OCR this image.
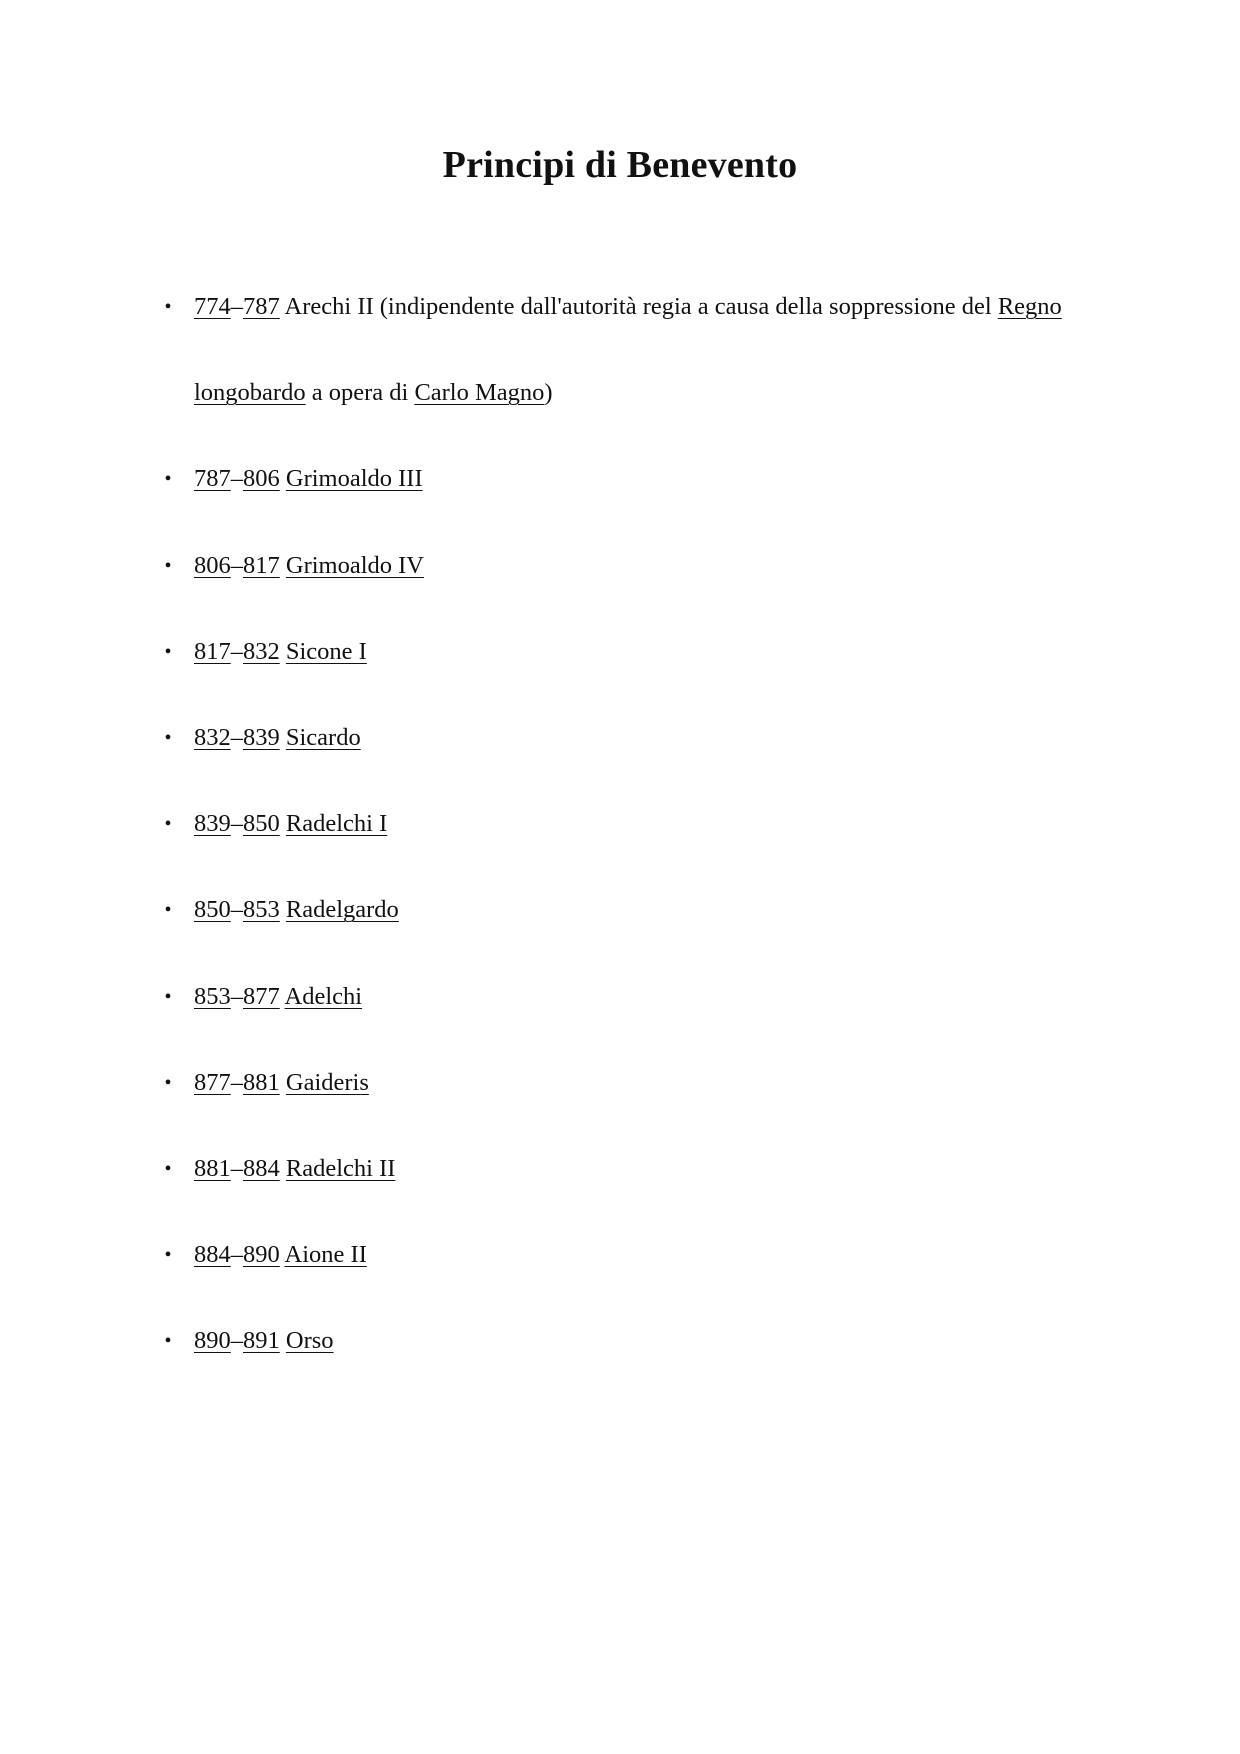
Principi di Benevento
• 774–787 Arechi II (indipendente dall'autorità regia a causa della soppressione del Regno longobardo a opera di Carlo Magno)
• 787–806 Grimoaldo III
• 806–817 Grimoaldo IV
• 817–832 Sicone I
• 832–839 Sicardo
• 839–850 Radelchi I
• 850–853 Radelgardo
• 853–877 Adelchi
• 877–881 Gaideris
• 881–884 Radelchi II
• 884–890 Aione II
• 890–891 Orso
